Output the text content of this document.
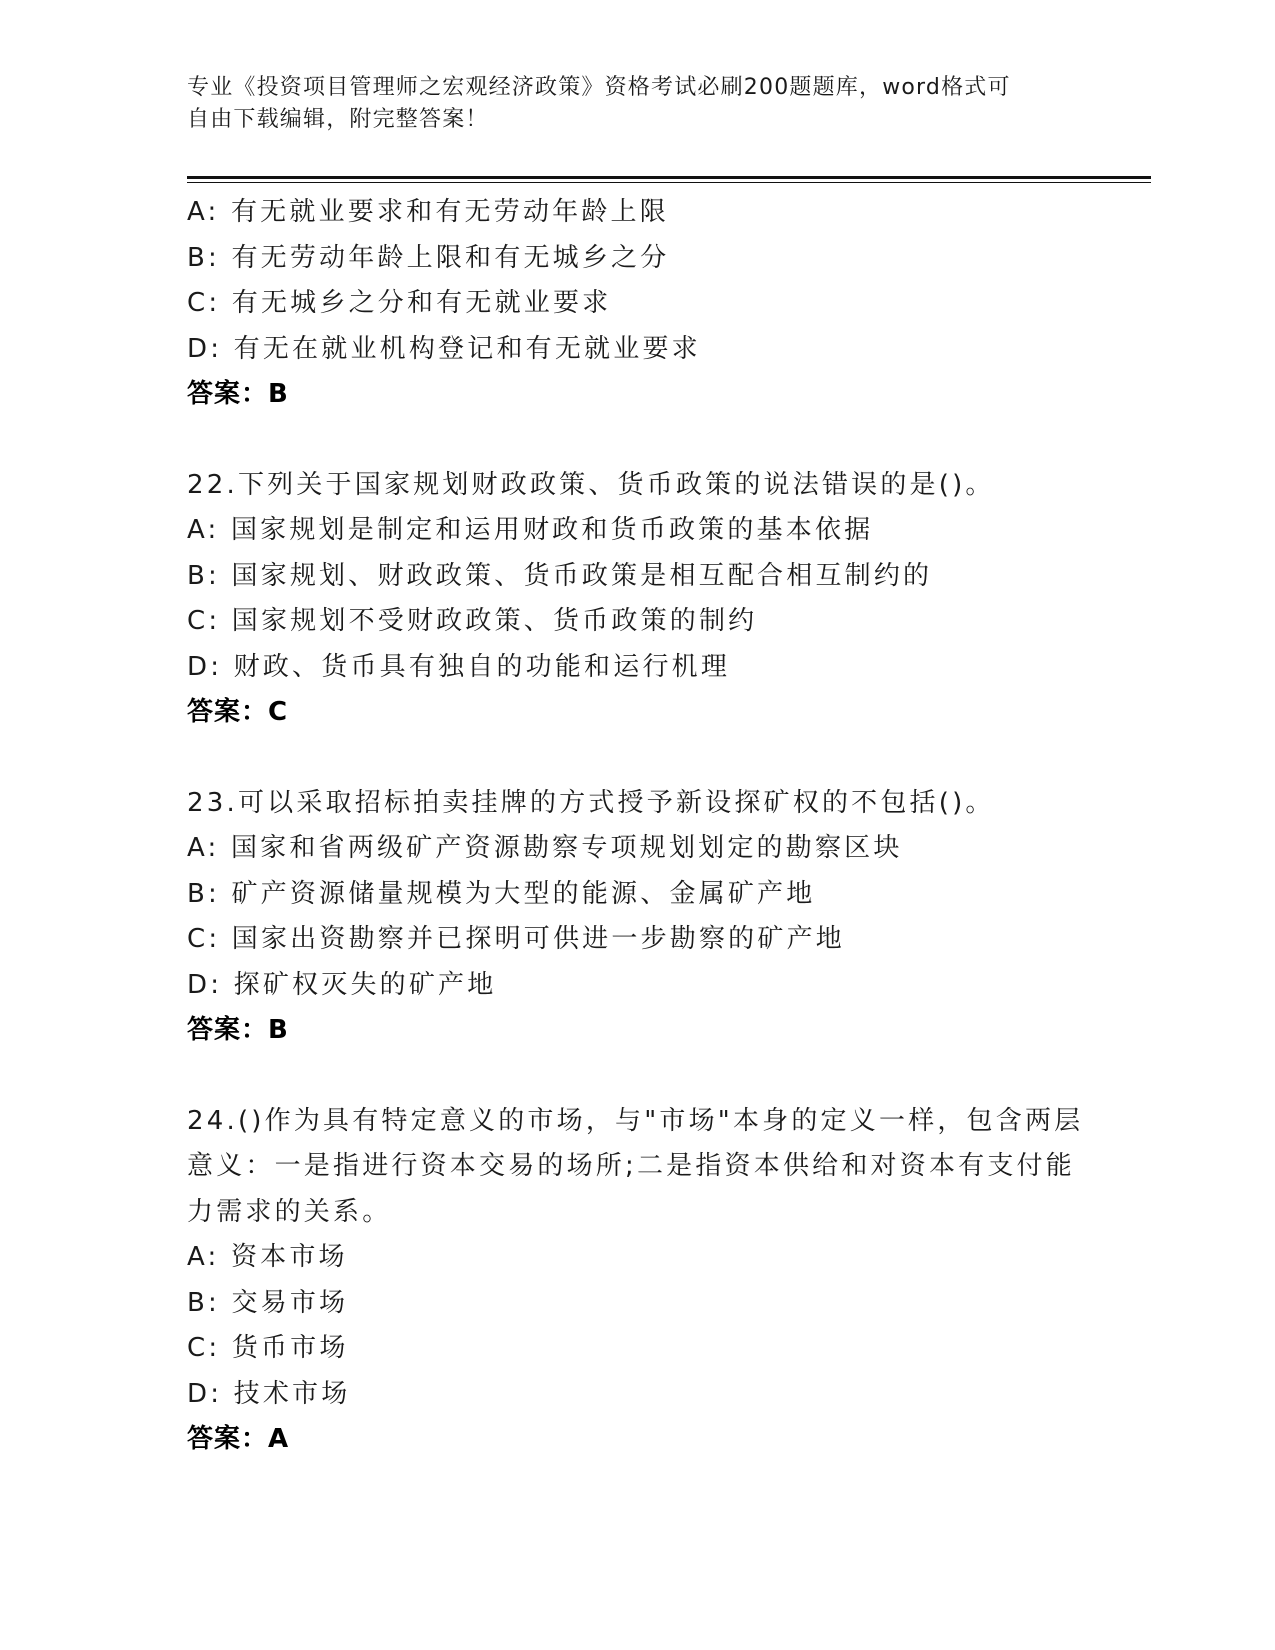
专业《投资项目管理师之宏观经济政策》资格考试必刷200题题库，word格式可
自由下载编辑，附完整答案！
A: 有无就业要求和有无劳动年龄上限
B: 有无劳动年龄上限和有无城乡之分
C: 有无城乡之分和有无就业要求
D: 有无在就业机构登记和有无就业要求
答案：B
22.下列关于国家规划财政政策、货币政策的说法错误的是()。
A: 国家规划是制定和运用财政和货币政策的基本依据
B: 国家规划、财政政策、货币政策是相互配合相互制约的
C: 国家规划不受财政政策、货币政策的制约
D: 财政、货币具有独自的功能和运行机理
答案：C
23.可以采取招标拍卖挂牌的方式授予新设探矿权的不包括()。
A: 国家和省两级矿产资源勘察专项规划划定的勘察区块
B: 矿产资源储量规模为大型的能源、金属矿产地
C: 国家出资勘察并已探明可供进一步勘察的矿产地
D: 探矿权灭失的矿产地
答案：B
24.()作为具有特定意义的市场，与"市场"本身的定义一样，包含两层
意义：一是指进行资本交易的场所;二是指资本供给和对资本有支付能
力需求的关系。
A: 资本市场
B: 交易市场
C: 货币市场
D: 技术市场
答案：A
